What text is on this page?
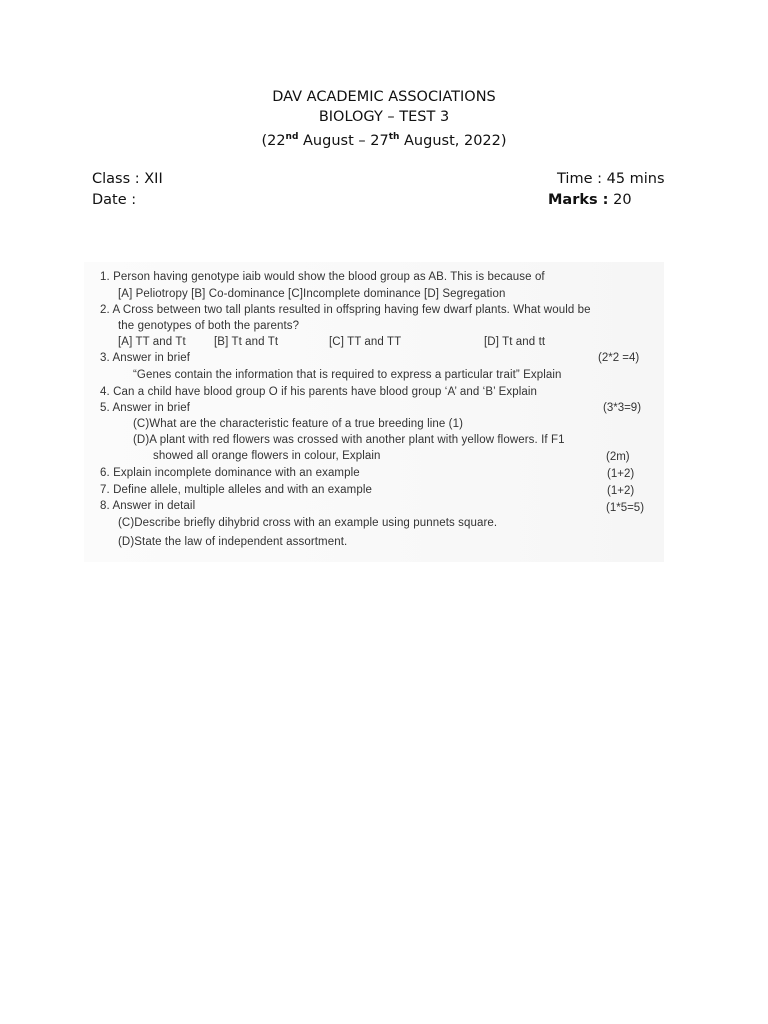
DAV ACADEMIC ASSOCIATIONS
BIOLOGY – TEST 3
(22nd August – 27th August, 2022)
Class : XII
Date :
Time : 45 mins
Marks : 20
1. Person having genotype iaib would show the blood group as AB. This is because of
[A] Peliotropy [B] Co-dominance [C]Incomplete dominance [D] Segregation
2. A Cross between two tall plants resulted in offspring having few dwarf plants. What would be
the genotypes of both the parents?
[A] TT and Tt [B] Tt and Tt	[C] TT and TT	[D] Tt and tt
3. Answer in brief	(2*2 =4)
“Genes contain the information that is required to express a particular trait” Explain
4. Can a child have blood group O if his parents have blood group ‘A’ and ‘B’ Explain
5. Answer in brief	(3*3=9)
(C)What are the characteristic feature of a true breeding line (1)
(D)A plant with red flowers was crossed with another plant with yellow flowers. If F1
showed all orange flowers in colour, Explain	(2m)
6. Explain incomplete dominance with an example	(1+2)
7. Define allele, multiple alleles and with an example	(1+2)
8. Answer in detail	(1*5=5)
(C)Describe briefly dihybrid cross with an example using punnets square.
(D)State the law of independent assortment.
